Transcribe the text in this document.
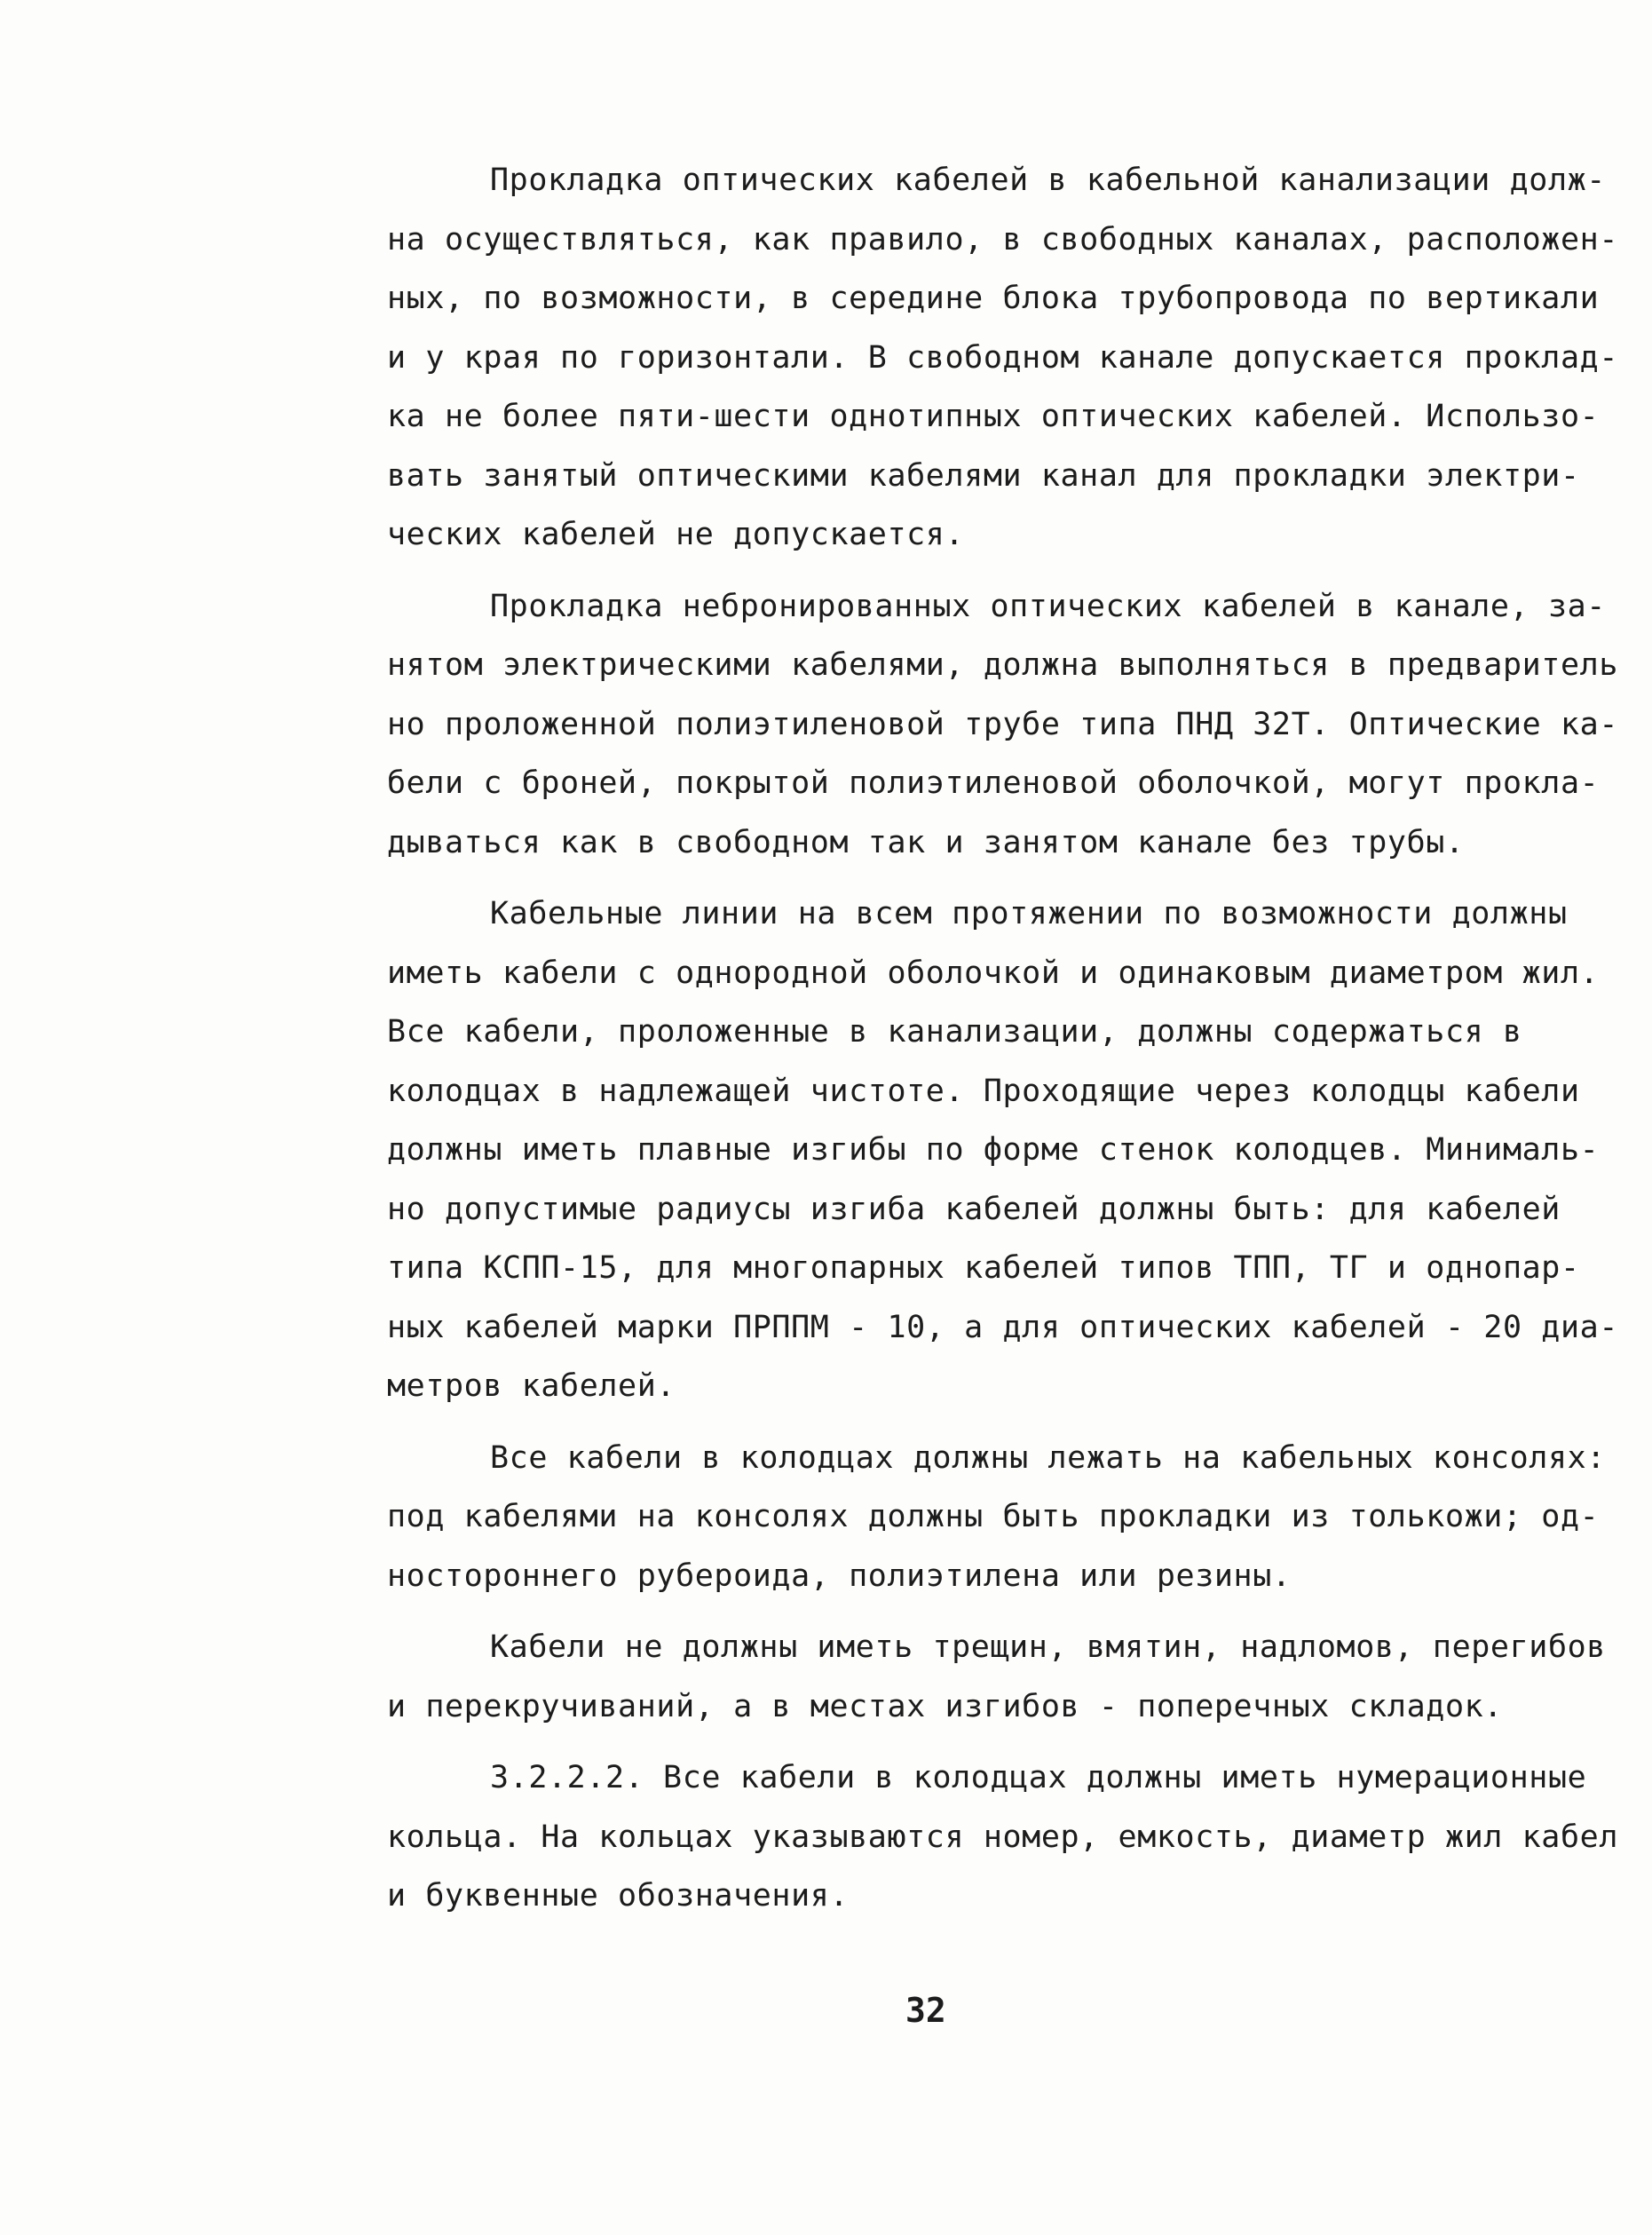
Прокладка оптических кабелей в кабельной канализации долж-
на осуществляться, как правило, в свободных каналах, расположен-
ных, по возможности, в середине блока трубопровода по вертикали
и у края по горизонтали. В свободном канале допускается проклад-
ка не более пяти-шести однотипных оптических кабелей. Использо-
вать занятый оптическими кабелями канал для прокладки электри-
ческих кабелей не допускается.

Прокладка небронированных оптических кабелей в канале, за-
нятом электрическими кабелями, должна выполняться в предваритель
но проложенной полиэтиленовой трубе типа ПНД 32Т. Оптические ка-
бели с броней, покрытой полиэтиленовой оболочкой, могут прокла-
дываться как в свободном так и занятом канале без трубы.

Кабельные линии на всем протяжении по возможности должны
иметь кабели с однородной оболочкой и одинаковым диаметром жил.
Все кабели, проложенные в канализации, должны содержаться в
колодцах в надлежащей чистоте. Проходящие через колодцы кабели
должны иметь плавные изгибы по форме стенок колодцев. Минималь-
но допустимые радиусы изгиба кабелей должны быть: для кабелей
типа КСПП-15, для многопарных кабелей типов ТПП, ТГ и однопар-
ных кабелей марки ПРППМ - 10, а для оптических кабелей - 20 диа-
метров кабелей.

Все кабели в колодцах должны лежать на кабельных консолях:
под кабелями на консолях должны быть прокладки из толькожи; од-
ностороннего рубероида, полиэтилена или резины.

Кабели не должны иметь трещин, вмятин, надломов, перегибов
и перекручиваний, а в местах изгибов - поперечных складок.

3.2.2.2. Все кабели в колодцах должны иметь нумерационные
кольца. На кольцах указываются номер, емкость, диаметр жил кабел
и буквенные обозначения.

32
